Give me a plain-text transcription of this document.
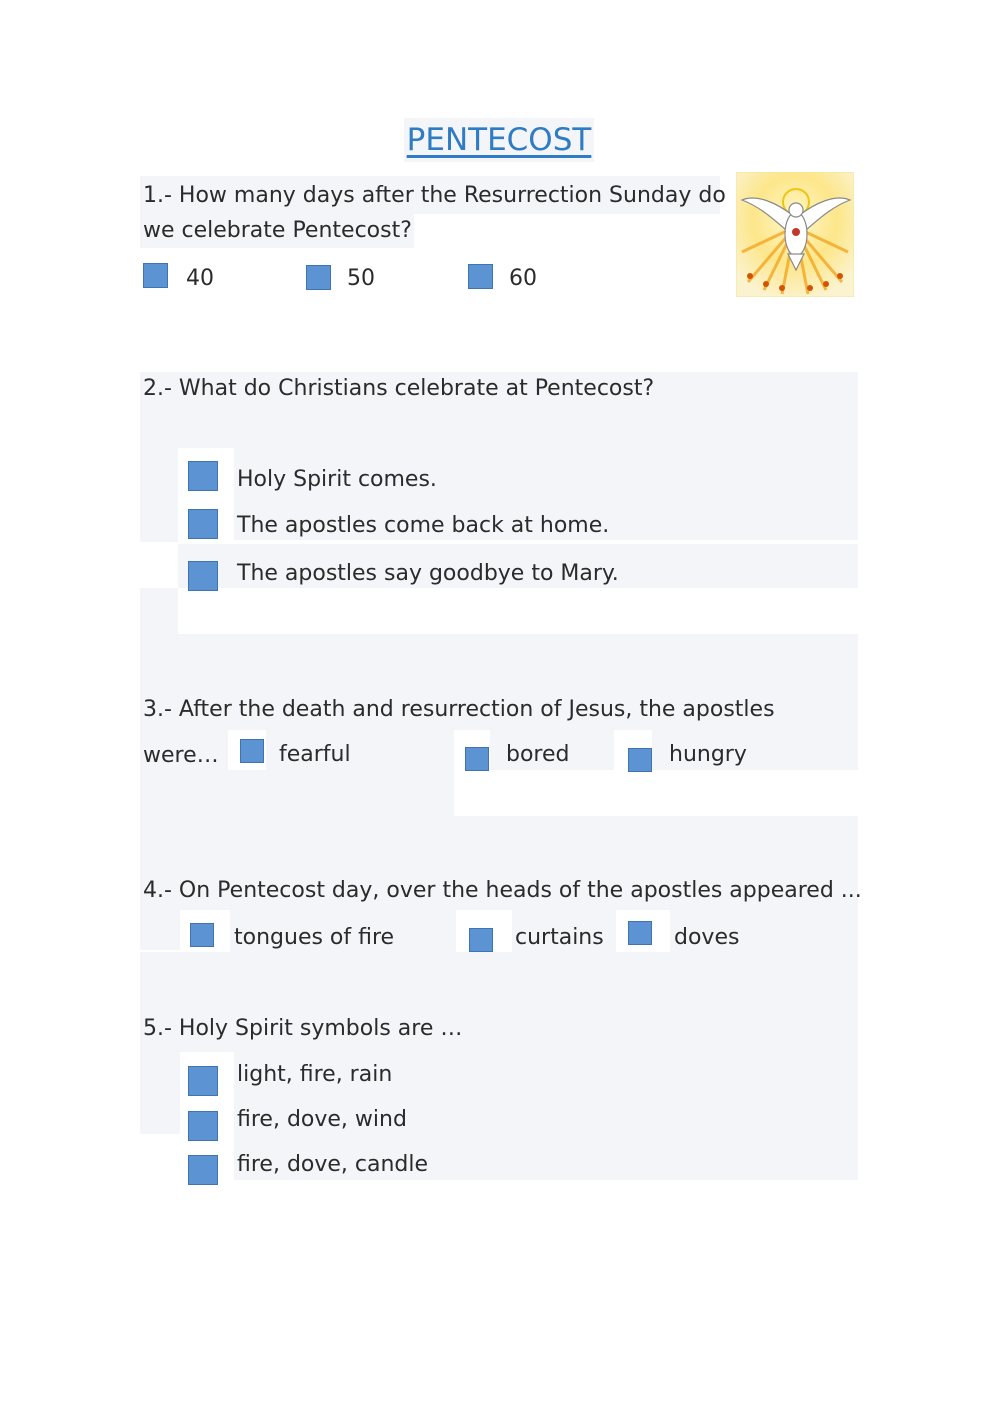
PENTECOST
1.- How many days after the Resurrection Sunday do
we celebrate Pentecost?
40	50	60
2.- What do Christians celebrate at Pentecost?
Holy Spirit comes.
The apostles come back at home.
The apostles say goodbye to Mary.
3.- After the death and resurrection of Jesus, the apostles
were…	fearful	bored	hungry
4.- On Pentecost day, over the heads of the apostles appeared ...
tongues of fire	curtains	doves
5.- Holy Spirit symbols are …
light, fire, rain
fire, dove, wind
fire, dove, candle
